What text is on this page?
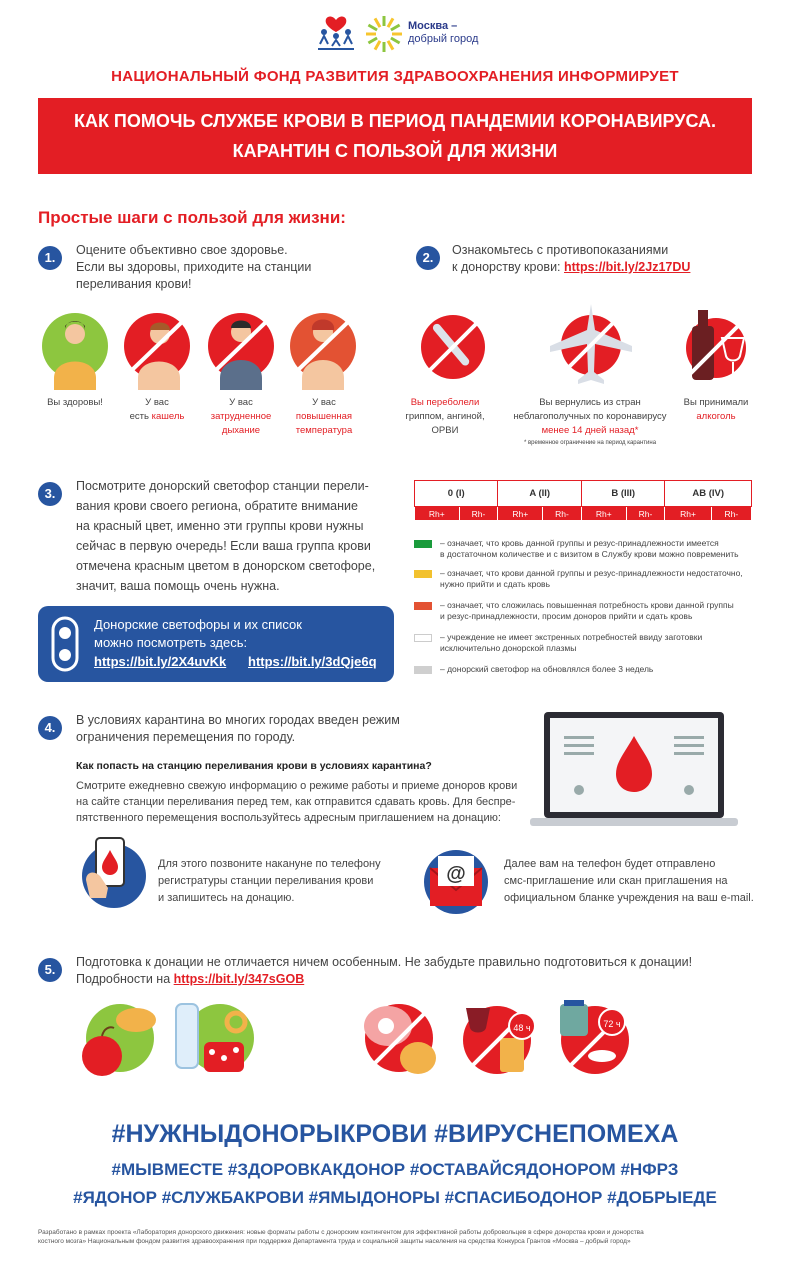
Москва –
добрый город
НАЦИОНАЛЬНЫЙ ФОНД РАЗВИТИЯ ЗДРАВООХРАНЕНИЯ ИНФОРМИРУЕТ
КАК ПОМОЧЬ СЛУЖБЕ КРОВИ В ПЕРИОД ПАНДЕМИИ КОРОНАВИРУСА.
КАРАНТИН С ПОЛЬЗОЙ ДЛЯ ЖИЗНИ
Простые шаги с пользой для жизни:
1.	Оцените объективно свое здоровье.
Если вы здоровы, приходите на станции
переливания крови!
Вы здоровы!	У вас
есть кашель
У вас
затрудненное
дыхание
У вас
повышенная
температура
2.	Ознакомьтесь с противопоказаниями
к донорству крови: https://bit.ly/2Jz17DU
Вы переболели
гриппом, ангиной,
ОРВИ
Вы вернулись из стран
неблагополучных по коронавирусу
менее 14 дней назад*
* временное ограничение на период карантина
Вы принимали
алкоголь
3.	Посмотрите донорский светофор станции перели-
вания крови своего региона, обратите внимание
на красный цвет, именно эти группы крови нужны
сейчас в первую очередь! Если ваша группа крови
отмечена красным цветом в донорском светофоре,
значит, ваша помощь очень нужна.
Донорские светофоры и их список
можно посмотреть здесь:
https://bit.ly/2X4uvKk https://bit.ly/3dQje6q
0 (I)		A (II)		B (III)		AB (IV)	
Rh+	Rh-	Rh+	Rh-	Rh+	Rh-	Rh+	Rh-
– означает, что кровь данной группы и резус-принадлежности имеется
в достаточном количестве и с визитом в Службу крови можно повременить
– означает, что крови данной группы и резус-принадлежности недостаточно,
нужно прийти и сдать кровь
– означает, что сложилась повышенная потребность крови данной группы
и резус-принадлежности, просим доноров прийти и сдать кровь
– учреждение не имеет экстренных потребностей ввиду заготовки
исключительно донорской плазмы
– донорский светофор на обновлялся более 3 недель
4.	В условиях карантина во многих городах введен режим
ограничения перемещения по городу.
Как попасть на станцию переливания крови в условиях карантина?
Смотрите ежедневно свежую информацию о режиме работы и приеме доноров крови
на сайте станции переливания перед тем, как отправится сдавать кровь. Для беспре-
пятственного перемещения воспользуйтесь адресным приглашением на донацию:
Для этого позвоните накануне по телефону
регистратуры станции переливания крови
и запишитесь на донацию.
@	Далее вам на телефон будет отправлено
смс-приглашение или скан приглашения на
официальном бланке учреждения на ваш e-mail.
5.	Подготовка к донации не отличается ничем особенным. Не забудьте правильно подготовиться к донации!
Подробности на https://bit.ly/347sGOB
48 ч	72 ч
#НУЖНЫДОНОРЫКРОВИ #ВИРУСНЕПОМЕХА
#МЫВМЕСТЕ #ЗДОРОВКАКДОНОР #ОСТАВАЙСЯДОНОРОМ #НФРЗ
#ЯДОНОР #СЛУЖБАКРОВИ #ЯМЫДОНОРЫ #СПАСИБОДОНОР #ДОБРЫЕДЕ
Разработано в рамках проекта «Лаборатория донорского движения: новые форматы работы с донорским контингентом для эффективной работы добровольцев в сфере донорства крови и донорства
костного мозга» Национальным фондом развития здравоохранения при поддержке Департамента труда и социальной защиты населения на средства Конкурса Грантов «Москва – добрый город»
